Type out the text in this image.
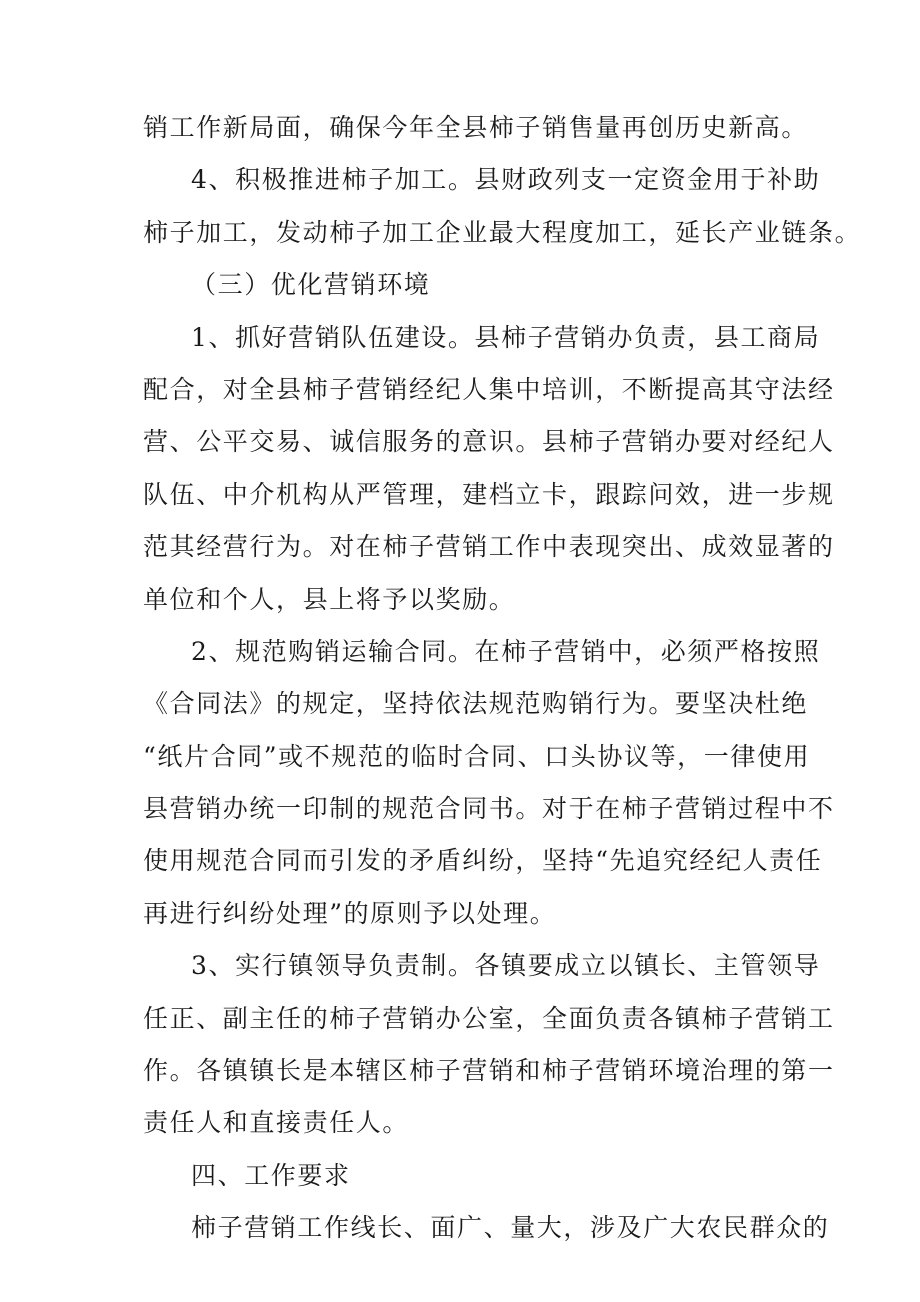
销工作新局面，确保今年全县柿子销售量再创历史新高。
4、积极推进柿子加工。县财政列支一定资金用于补助
柿子加工，发动柿子加工企业最大程度加工，延长产业链条。
（三）优化营销环境
1、抓好营销队伍建设。县柿子营销办负责，县工商局
配合，对全县柿子营销经纪人集中培训，不断提高其守法经
营、公平交易、诚信服务的意识。县柿子营销办要对经纪人
队伍、中介机构从严管理，建档立卡，跟踪问效，进一步规
范其经营行为。对在柿子营销工作中表现突出、成效显著的
单位和个人，县上将予以奖励。
2、规范购销运输合同。在柿子营销中，必须严格按照
《合同法》的规定，坚持依法规范购销行为。要坚决杜绝
“纸片合同”或不规范的临时合同、口头协议等，一律使用
县营销办统一印制的规范合同书。对于在柿子营销过程中不
使用规范合同而引发的矛盾纠纷，坚持“先追究经纪人责任
再进行纠纷处理”的原则予以处理。
3、实行镇领导负责制。各镇要成立以镇长、主管领导
任正、副主任的柿子营销办公室，全面负责各镇柿子营销工
作。各镇镇长是本辖区柿子营销和柿子营销环境治理的第一
责任人和直接责任人。
四、工作要求
柿子营销工作线长、面广、量大，涉及广大农民群众的
